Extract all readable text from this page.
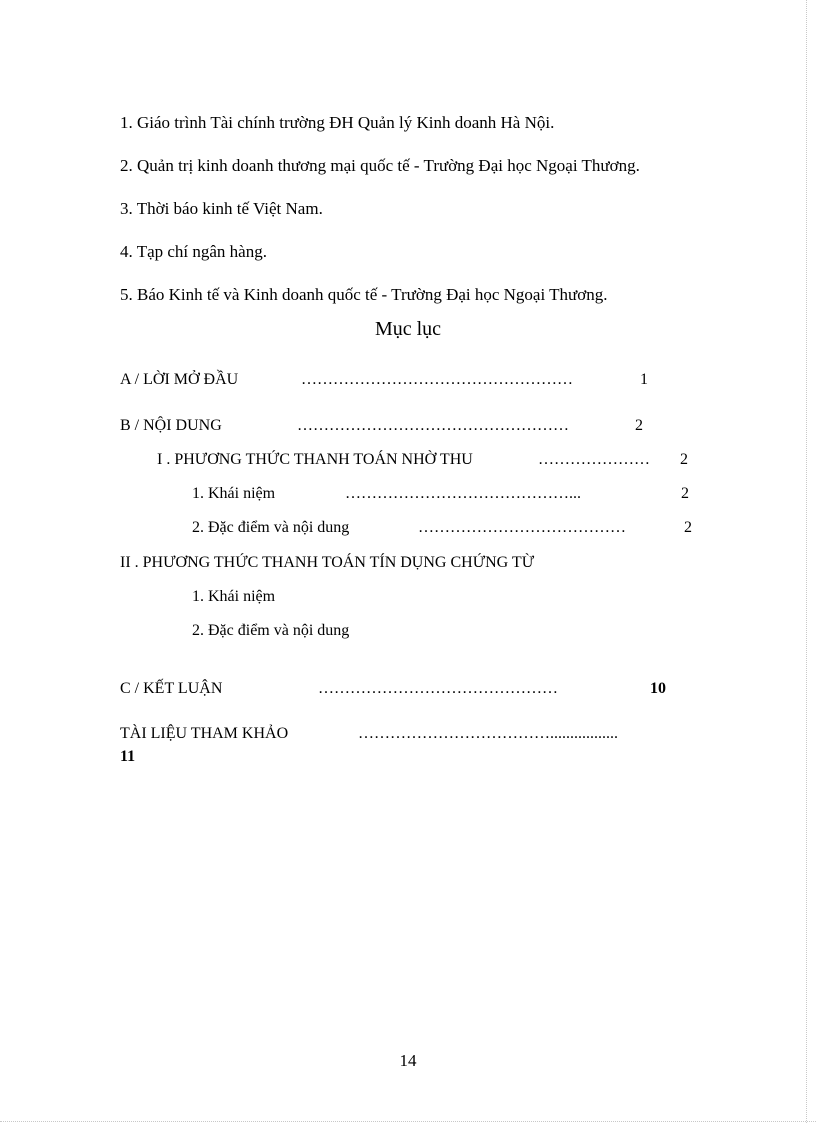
1. Giáo trình Tài chính trường ĐH Quản lý Kinh doanh Hà Nội.
2. Quản trị kinh doanh thương mại quốc tế - Trường Đại học Ngoại Thương.
3. Thời báo kinh tế Việt Nam.
4. Tạp chí ngân hàng.
5. Báo Kinh tế và Kinh doanh quốc tế - Trường Đại học Ngoại Thương.
Mục lục
A / LỜI MỞ ĐẦU	……………………………………………	1
B / NỘI DUNG	……………………………………………	2
I . PHƯƠNG THỨC THANH TOÁN NHỜ THU	………………… 2
1. Khái niệm	……………………………………...	2
2. Đặc điểm và nội dung	…………………………………	2
II . PHƯƠNG THỨC THANH TOÁN TÍN DỤNG CHỨNG TỪ
1. Khái niệm
2. Đặc điểm và nội dung
C / KẾT LUẬN	………………………………………	10
TÀI LIỆU THAM KHẢO	……………………………….................
11
14
